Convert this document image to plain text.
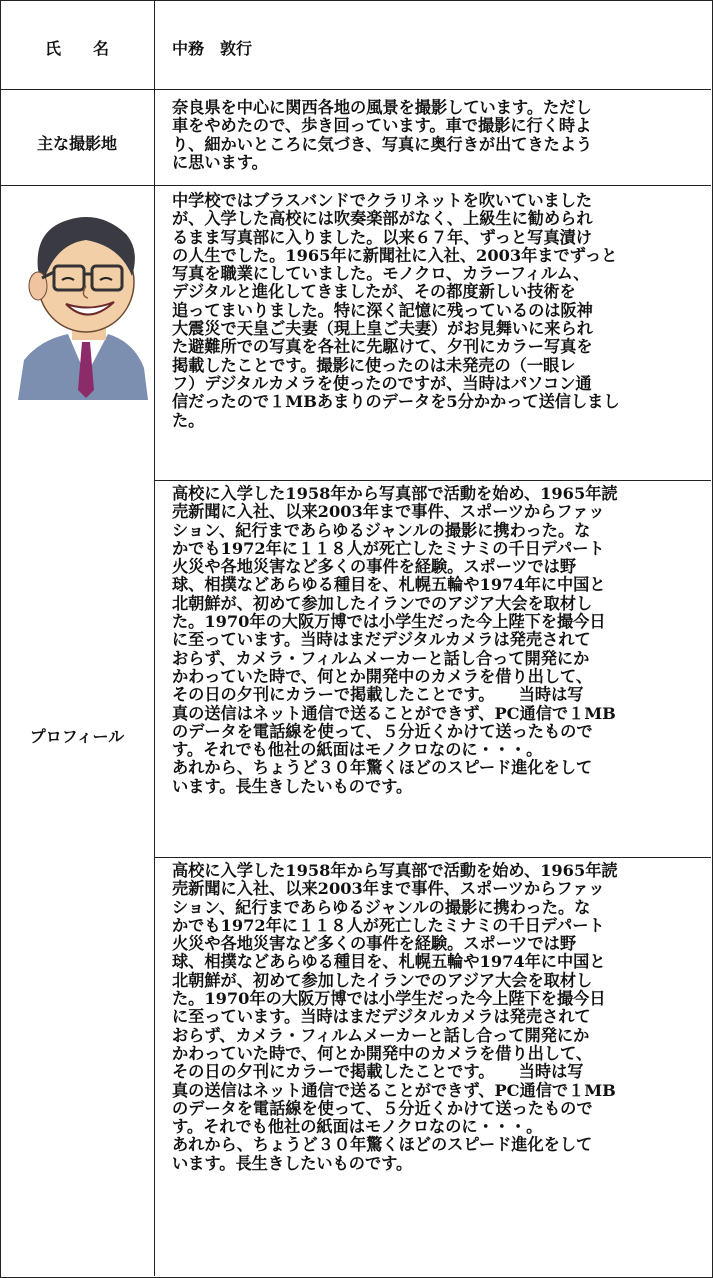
氏　　名	中務　敦行
主な撮影地
奈良県を中心に関西各地の風景を撮影しています。ただし
車をやめたので、歩き回っています。車で撮影に行く時よ
り、細かいところに気づき、写真に奥行きが出てきたよう
に思います。
プロフィール
中学校ではブラスバンドでクラリネットを吹いていました
が、入学した高校には吹奏楽部がなく、上級生に勧められ
るまま写真部に入りました。以来６７年、ずっと写真漬け
の人生でした。1965年に新聞社に入社、2003年までずっと
写真を職業にしていました。モノクロ、カラーフィルム、
デジタルと進化してきましたが、その都度新しい技術を
追ってまいりました。特に深く記憶に残っているのは阪神
大震災で天皇ご夫妻（現上皇ご夫妻）がお見舞いに来られ
た避難所での写真を各社に先駆けて、夕刊にカラー写真を
掲載したことです。撮影に使ったのは未発売の（一眼レ
フ）デジタルカメラを使ったのですが、当時はパソコン通
信だったので１MBあまりのデータを5分かかって送信しまし
た。
高校に入学した1958年から写真部で活動を始め、1965年読
売新聞に入社、以来2003年まで事件、スポーツからファッ
ション、紀行まであらゆるジャンルの撮影に携わった。な
かでも1972年に１１８人が死亡したミナミの千日デパート
火災や各地災害など多くの事件を経験。スポーツでは野
球、相撲などあらゆる種目を、札幌五輪や1974年に中国と
北朝鮮が、初めて参加したイランでのアジア大会を取材し
た。1970年の大阪万博では小学生だった今上陛下を撮今日
に至っています。当時はまだデジタルカメラは発売されて
おらず、カメラ・フィルムメーカーと話し合って開発にか
かわっていた時で、何とか開発中のカメラを借り出して、
その日の夕刊にカラーで掲載したことです。　　当時は写
真の送信はネット通信で送ることができず、PC通信で１MB
のデータを電話線を使って、５分近くかけて送ったもので
す。それでも他社の紙面はモノクロなのに・・・。
あれから、ちょうど３０年驚くほどのスピード進化をして
います。長生きしたいものです。
高校に入学した1958年から写真部で活動を始め、1965年読
売新聞に入社、以来2003年まで事件、スポーツからファッ
ション、紀行まであらゆるジャンルの撮影に携わった。な
かでも1972年に１１８人が死亡したミナミの千日デパート
火災や各地災害など多くの事件を経験。スポーツでは野
球、相撲などあらゆる種目を、札幌五輪や1974年に中国と
北朝鮮が、初めて参加したイランでのアジア大会を取材し
た。1970年の大阪万博では小学生だった今上陛下を撮今日
に至っています。当時はまだデジタルカメラは発売されて
おらず、カメラ・フィルムメーカーと話し合って開発にか
かわっていた時で、何とか開発中のカメラを借り出して、
その日の夕刊にカラーで掲載したことです。　　当時は写
真の送信はネット通信で送ることができず、PC通信で１MB
のデータを電話線を使って、５分近くかけて送ったもので
す。それでも他社の紙面はモノクロなのに・・・。
あれから、ちょうど３０年驚くほどのスピード進化をして
います。長生きしたいものです。
